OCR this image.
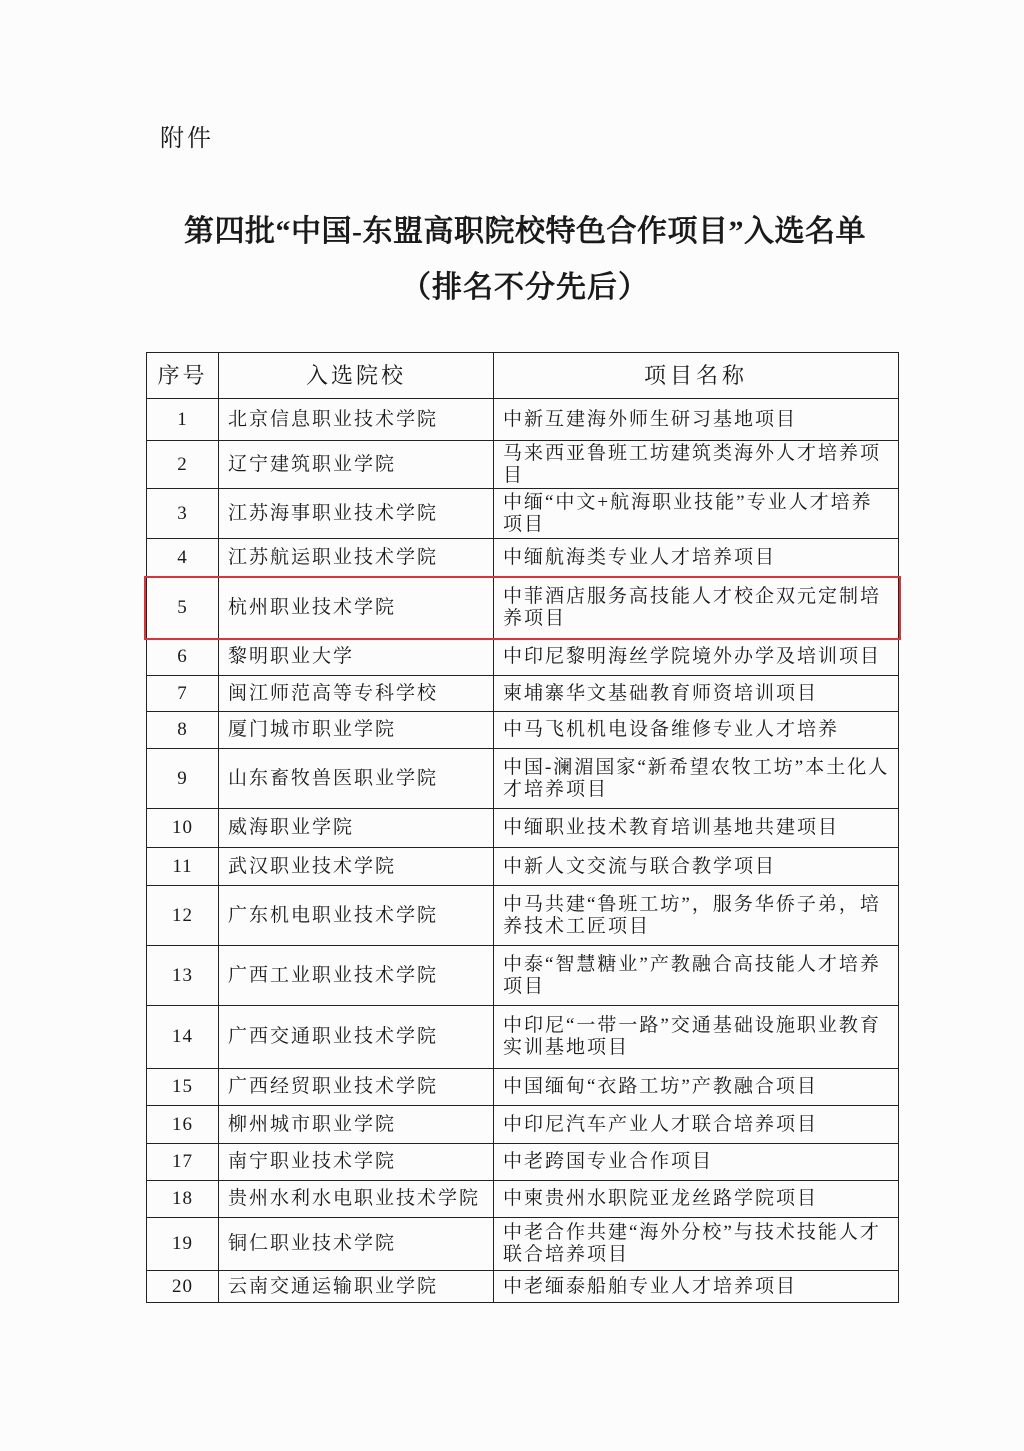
附件
第四批“中国-东盟高职院校特色合作项目”入选名单
（排名不分先后）
序号	入选院校	项目名称
1	北京信息职业技术学院	中新互建海外师生研习基地项目
2	辽宁建筑职业学院	马来西亚鲁班工坊建筑类海外人才培养项目
3	江苏海事职业技术学院	中缅“中文+航海职业技能”专业人才培养项目
4	江苏航运职业技术学院	中缅航海类专业人才培养项目
5	杭州职业技术学院	中菲酒店服务高技能人才校企双元定制培养项目
6	黎明职业大学	中印尼黎明海丝学院境外办学及培训项目
7	闽江师范高等专科学校	柬埔寨华文基础教育师资培训项目
8	厦门城市职业学院	中马飞机机电设备维修专业人才培养
9	山东畜牧兽医职业学院	中国-澜湄国家“新希望农牧工坊”本土化人才培养项目
10	威海职业学院	中缅职业技术教育培训基地共建项目
11	武汉职业技术学院	中新人文交流与联合教学项目
12	广东机电职业技术学院	中马共建“鲁班工坊”，服务华侨子弟，培养技术工匠项目
13	广西工业职业技术学院	中泰“智慧糖业”产教融合高技能人才培养项目
14	广西交通职业技术学院	中印尼“一带一路”交通基础设施职业教育实训基地项目
15	广西经贸职业技术学院	中国缅甸“衣路工坊”产教融合项目
16	柳州城市职业学院	中印尼汽车产业人才联合培养项目
17	南宁职业技术学院	中老跨国专业合作项目
18	贵州水利水电职业技术学院	中柬贵州水职院亚龙丝路学院项目
19	铜仁职业技术学院	中老合作共建“海外分校”与技术技能人才联合培养项目
20	云南交通运输职业学院	中老缅泰船舶专业人才培养项目
